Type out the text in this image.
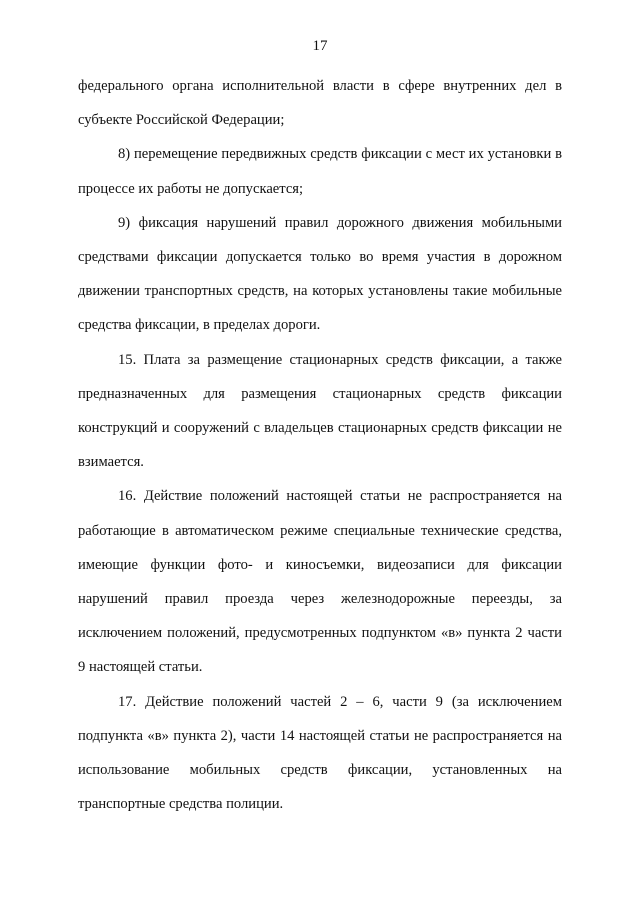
17

федерального органа исполнительной власти в сфере внутренних дел в субъекте Российской Федерации;

8) перемещение передвижных средств фиксации с мест их установки в процессе их работы не допускается;

9) фиксация нарушений правил дорожного движения мобильными средствами фиксации допускается только во время участия в дорожном движении транспортных средств, на которых установлены такие мобильные средства фиксации, в пределах дороги.

15. Плата за размещение стационарных средств фиксации, а также предназначенных для размещения стационарных средств фиксации конструкций и сооружений с владельцев стационарных средств фиксации не взимается.

16. Действие положений настоящей статьи не распространяется на работающие в автоматическом режиме специальные технические средства, имеющие функции фото- и киносъемки, видеозаписи для фиксации нарушений правил проезда через железнодорожные переезды, за исключением положений, предусмотренных подпунктом «в» пункта 2 части 9 настоящей статьи.

17. Действие положений частей 2 – 6, части 9 (за исключением подпункта «в» пункта 2), части 14 настоящей статьи не распространяется на использование мобильных средств фиксации, установленных на транспортные средства полиции.
